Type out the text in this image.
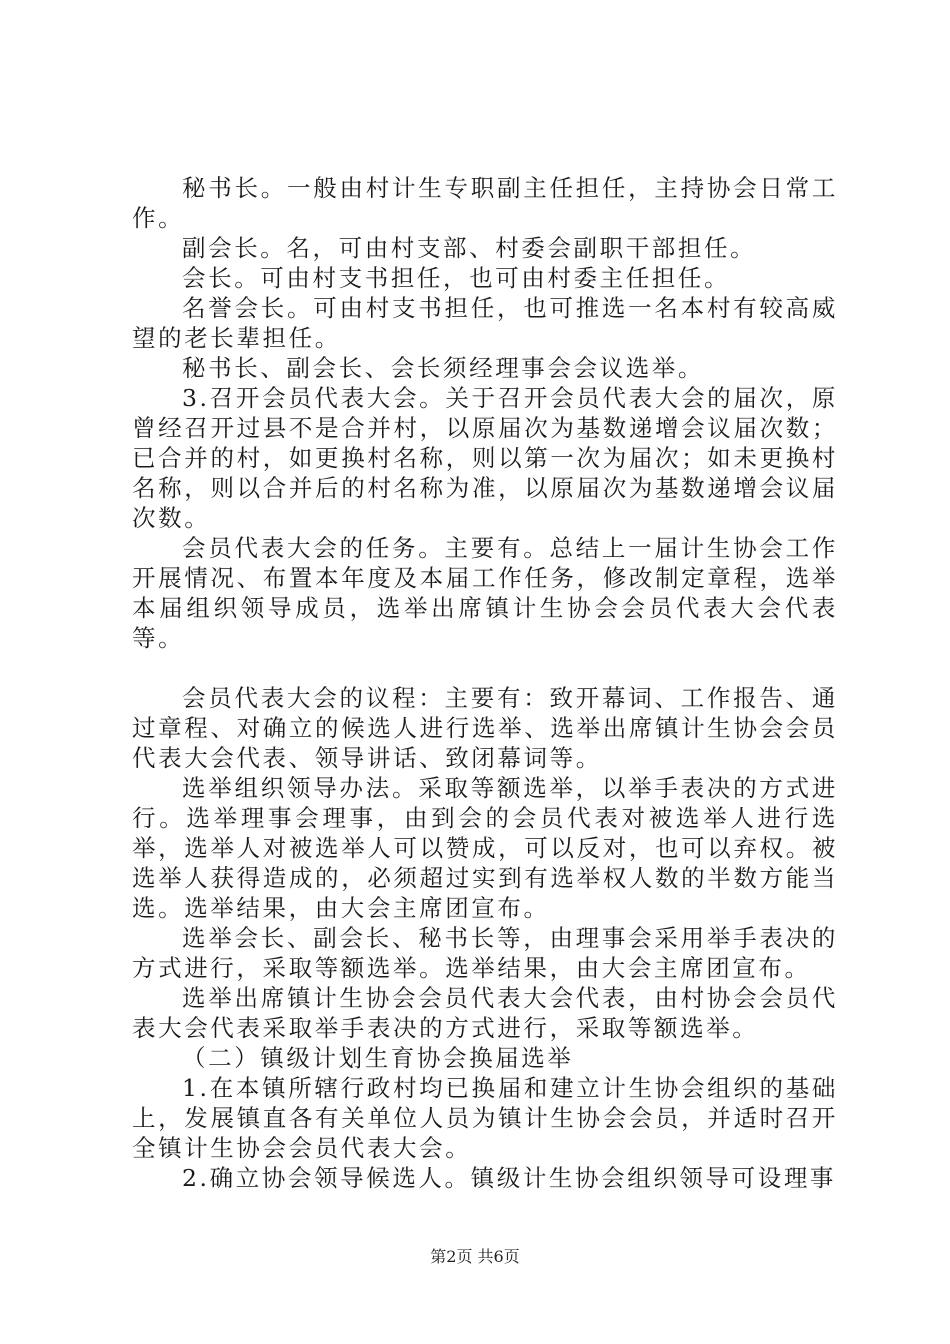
秘书长。一般由村计生专职副主任担任，主持协会日常工作。

副会长。名，可由村支部、村委会副职干部担任。

会长。可由村支书担任，也可由村委主任担任。

名誉会长。可由村支书担任，也可推选一名本村有较高威望的老长辈担任。

秘书长、副会长、会长须经理事会会议选举。

3.召开会员代表大会。关于召开会员代表大会的届次，原曾经召开过县不是合并村，以原届次为基数递增会议届次数；已合并的村，如更换村名称，则以第一次为届次；如未更换村名称，则以合并后的村名称为准，以原届次为基数递增会议届次数。

会员代表大会的任务。主要有。总结上一届计生协会工作开展情况、布置本年度及本届工作任务，修改制定章程，选举本届组织领导成员，选举出席镇计生协会会员代表大会代表等。

会员代表大会的议程：主要有：致开幕词、工作报告、通过章程、对确立的候选人进行选举、选举出席镇计生协会会员代表大会代表、领导讲话、致闭幕词等。

选举组织领导办法。采取等额选举，以举手表决的方式进行。选举理事会理事，由到会的会员代表对被选举人进行选举，选举人对被选举人可以赞成，可以反对，也可以弃权。被选举人获得造成的，必须超过实到有选举权人数的半数方能当选。选举结果，由大会主席团宣布。

选举会长、副会长、秘书长等，由理事会采用举手表决的方式进行，采取等额选举。选举结果，由大会主席团宣布。

选举出席镇计生协会会员代表大会代表，由村协会会员代表大会代表采取举手表决的方式进行，采取等额选举。

（二）镇级计划生育协会换届选举

1.在本镇所辖行政村均已换届和建立计生协会组织的基础上，发展镇直各有关单位人员为镇计生协会会员，并适时召开全镇计生协会会员代表大会。

2.确立协会领导候选人。镇级计生协会组织领导可设理事

第2页 共6页
